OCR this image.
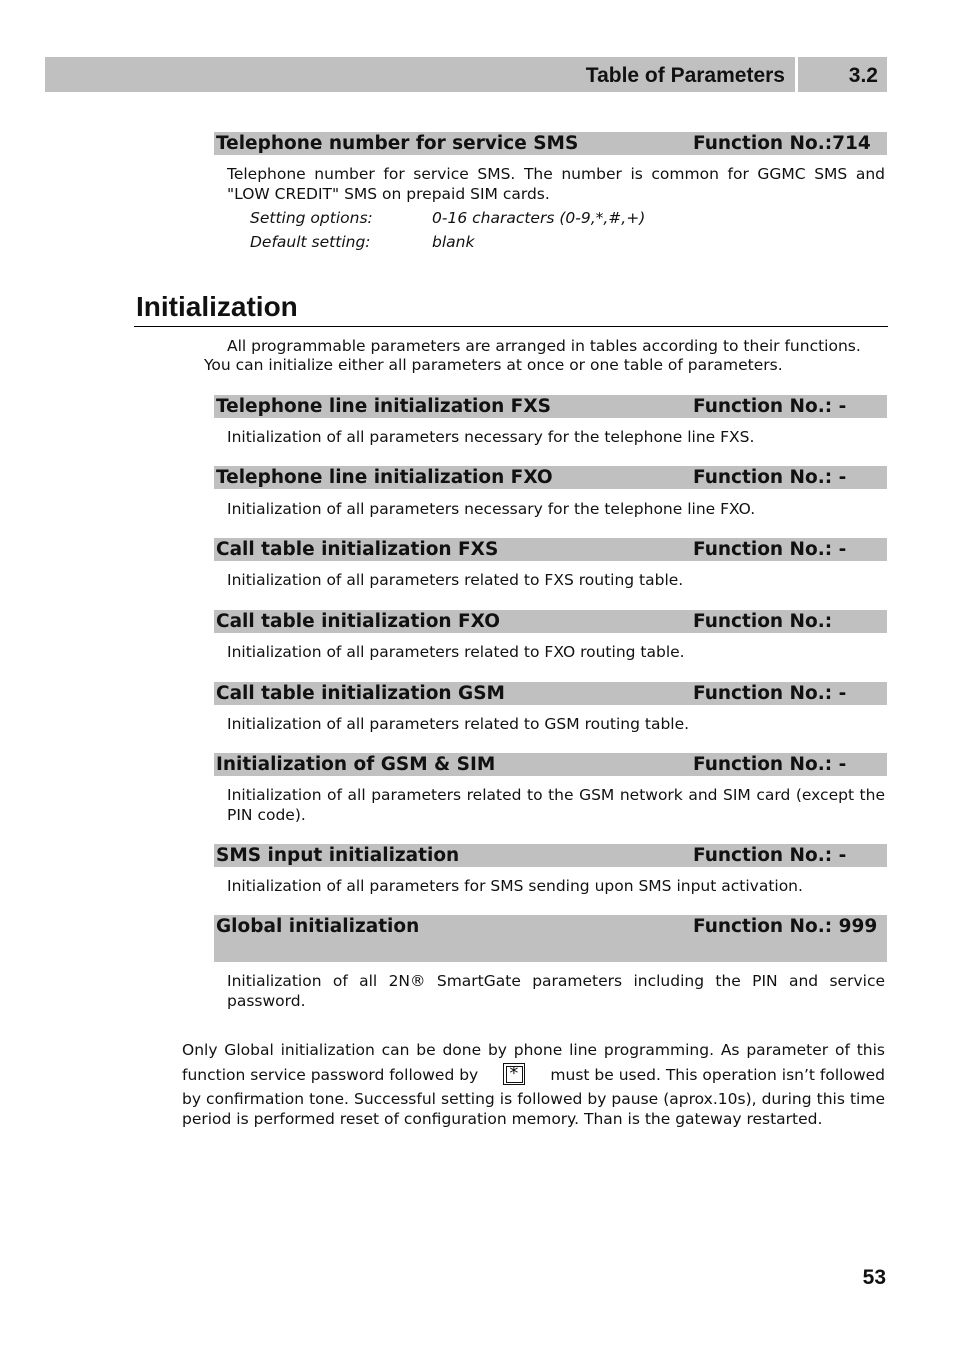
Table of Parameters	3.2
Telephone number for service SMS	Function No.:714
Telephone number for service SMS. The number is common for GGMC SMS and "LOW CREDIT" SMS on prepaid SIM cards.
Setting options:	0-16 characters (0-9,*,#,+)
Default setting:	blank
Initialization
All programmable parameters are arranged in tables according to their functions.
You can initialize either all parameters at once or one table of parameters.
Telephone line initialization FXS	Function No.: -
Initialization of all parameters necessary for the telephone line FXS.
Telephone line initialization FXO	Function No.: -
Initialization of all parameters necessary for the telephone line FXO.
Call table initialization FXS	Function No.: -
Initialization of all parameters related to FXS routing table.
Call table initialization FXO	Function No.:
Initialization of all parameters related to FXO routing table.
Call table initialization GSM	Function No.: -
Initialization of all parameters related to GSM routing table.
Initialization of GSM & SIM	Function No.: -
Initialization of all parameters related to the GSM network and SIM card (except the PIN code).
SMS input initialization	Function No.: -
Initialization of all parameters for SMS sending upon SMS input activation.
Global initialization	Function No.: 999
Initialization of all 2N® SmartGate parameters including the PIN and service password.
Only Global initialization can be done by phone line programming. As parameter of this
function service password followed by *	must be used. This operation isn’t followed
by confirmation tone. Successful setting is followed by pause (aprox.10s), during this time period is performed reset of configuration memory. Than is the gateway restarted.
53
